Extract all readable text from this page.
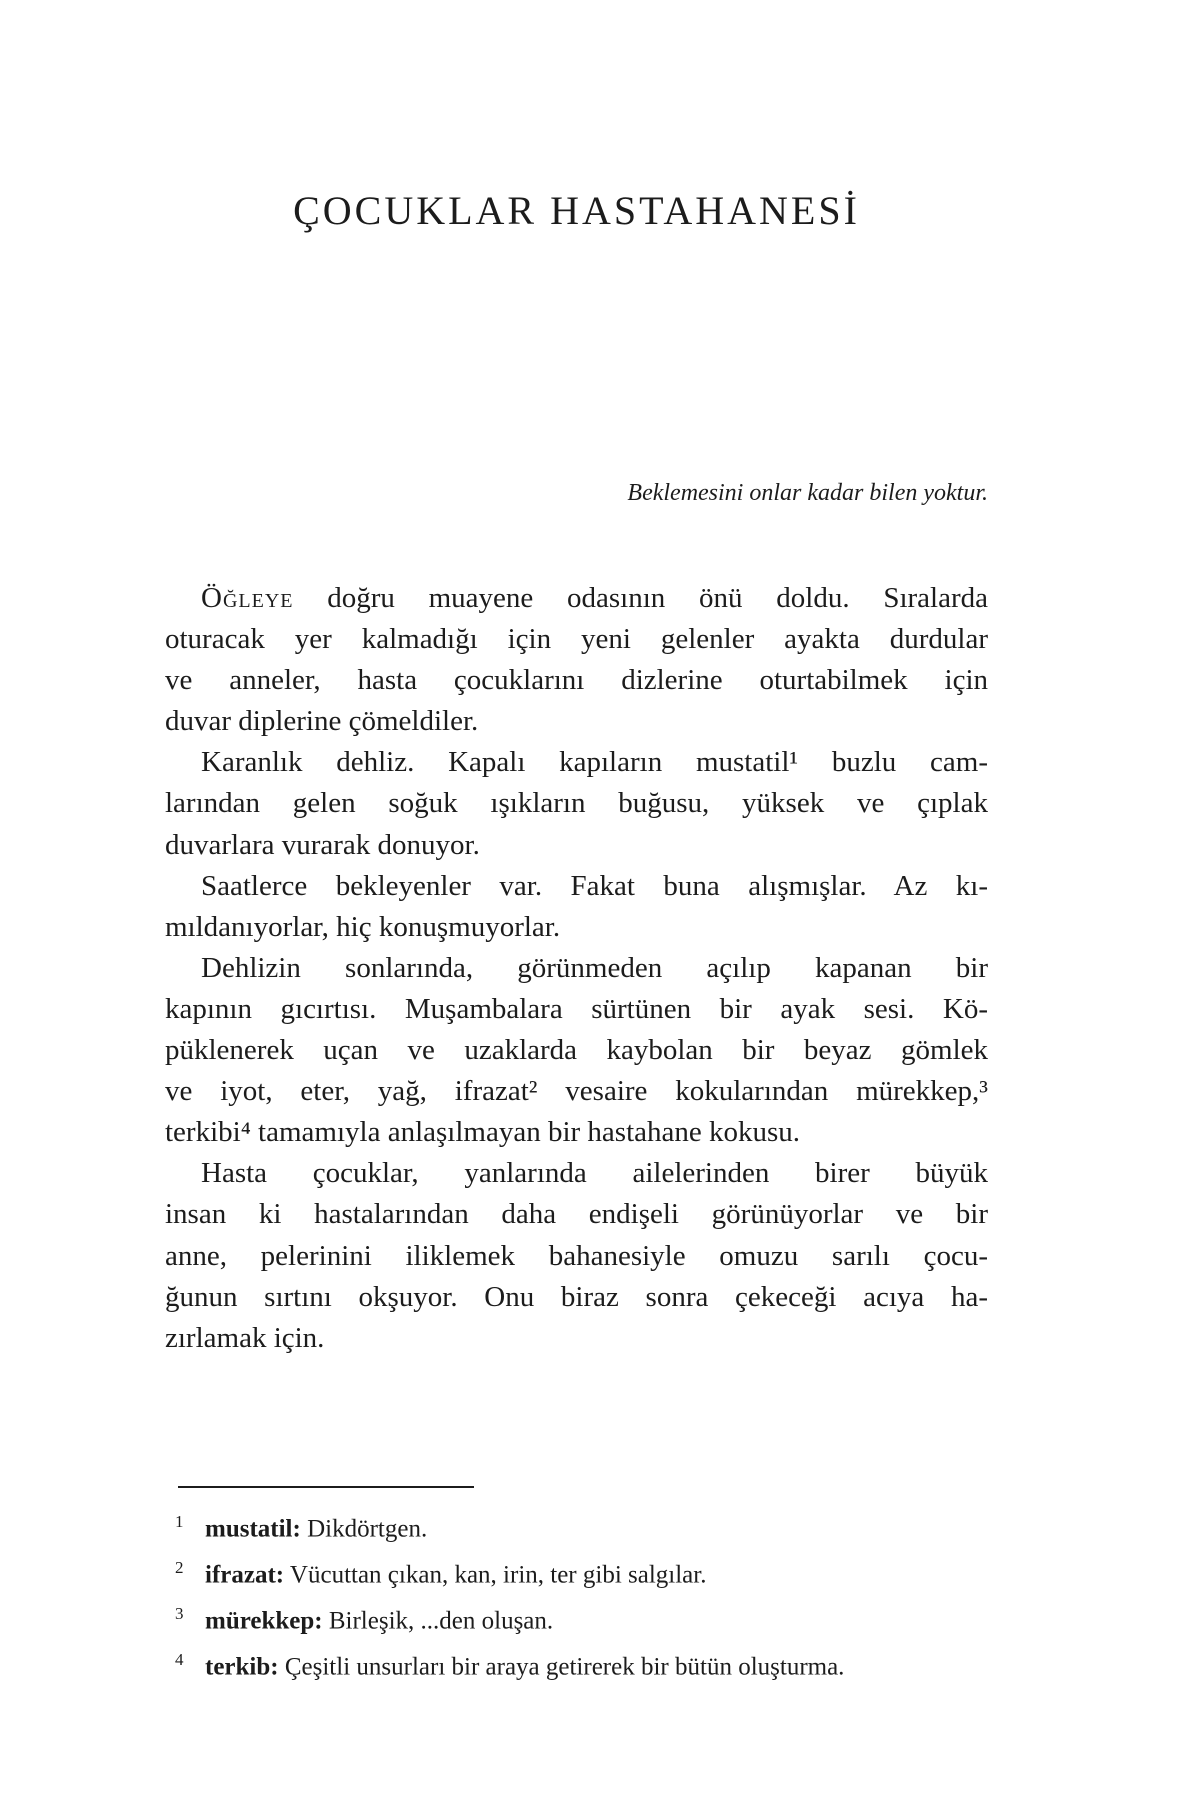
ÇOCUKLAR HASTAHANESİ
Beklemesini onlar kadar bilen yoktur.
Öğleye doğru muayene odasının önü doldu. Sıralarda
oturacak yer kalmadığı için yeni gelenler ayakta durdular
ve anneler, hasta çocuklarını dizlerine oturtabilmek için
duvar diplerine çömeldiler.
Karanlık dehliz. Kapalı kapıların mustatil¹ buzlu cam-
larından gelen soğuk ışıkların buğusu, yüksek ve çıplak
duvarlara vurarak donuyor.
Saatlerce bekleyenler var. Fakat buna alışmışlar. Az kı-
mıldanıyorlar, hiç konuşmuyorlar.
Dehlizin sonlarında, görünmeden açılıp kapanan bir
kapının gıcırtısı. Muşambalara sürtünen bir ayak sesi. Kö-
püklenerek uçan ve uzaklarda kaybolan bir beyaz gömlek
ve iyot, eter, yağ, ifrazat² vesaire kokularından mürekkep,³
terkibi⁴ tamamıyla anlaşılmayan bir hastahane kokusu.
Hasta çocuklar, yanlarında ailelerinden birer büyük
insan ki hastalarından daha endişeli görünüyorlar ve bir
anne, pelerinini iliklemek bahanesiyle omuzu sarılı çocu-
ğunun sırtını okşuyor. Onu biraz sonra çekeceği acıya ha-
zırlamak için.
1 mustatil: Dikdörtgen.
2 ifrazat: Vücuttan çıkan, kan, irin, ter gibi salgılar.
3 mürekkep: Birleşik, ...den oluşan.
4 terkib: Çeşitli unsurları bir araya getirerek bir bütün oluşturma.
